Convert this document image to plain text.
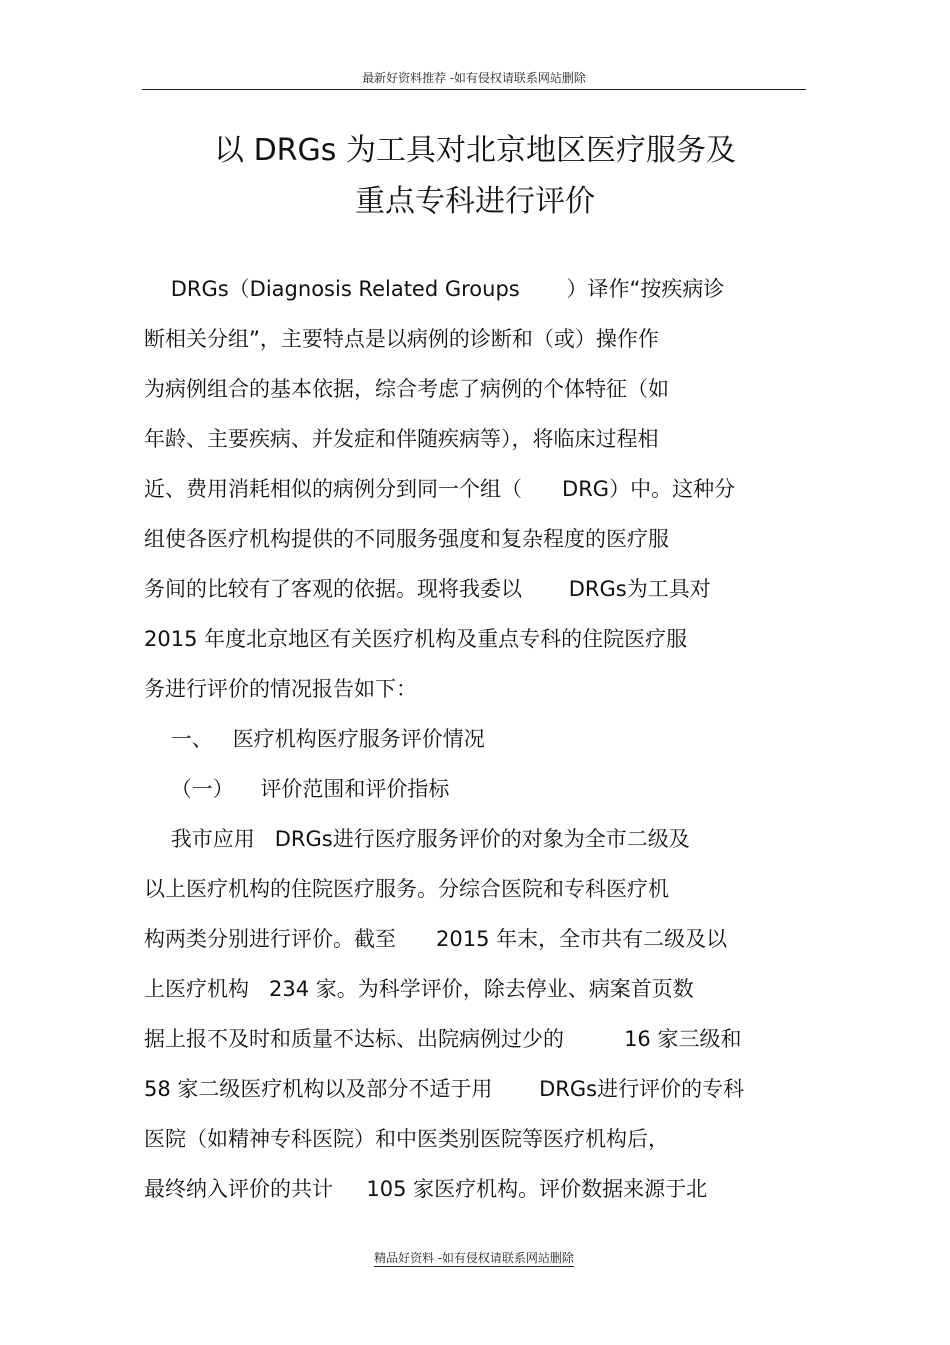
最新好资料推荐 -如有侵权请联系网站删除
以 DRGs 为工具对北京地区医疗服务及
重点专科进行评价
DRGs（Diagnosis Related Groups       ）译作“按疾病诊
断相关分组”，主要特点是以病例的诊断和（或）操作作
为病例组合的基本依据，综合考虑了病例的个体特征（如
年龄、主要疾病、并发症和伴随疾病等），将临床过程相
近、费用消耗相似的病例分到同一个组（      DRG）中。这种分
组使各医疗机构提供的不同服务强度和复杂程度的医疗服
务间的比较有了客观的依据。现将我委以       DRGs为工具对
2015 年度北京地区有关医疗机构及重点专科的住院医疗服
务进行评价的情况报告如下：
一、   医疗机构医疗服务评价情况
（一）    评价范围和评价指标
我市应用   DRGs进行医疗服务评价的对象为全市二级及
以上医疗机构的住院医疗服务。分综合医院和专科医疗机
构两类分别进行评价。截至      2015 年末，全市共有二级及以
上医疗机构   234 家。为科学评价，除去停业、病案首页数
据上报不及时和质量不达标、出院病例过少的         16 家三级和
58 家二级医疗机构以及部分不适于用       DRGs进行评价的专科
医院（如精神专科医院）和中医类别医院等医疗机构后，
最终纳入评价的共计     105 家医疗机构。评价数据来源于北
精品好资料 -如有侵权请联系网站删除
